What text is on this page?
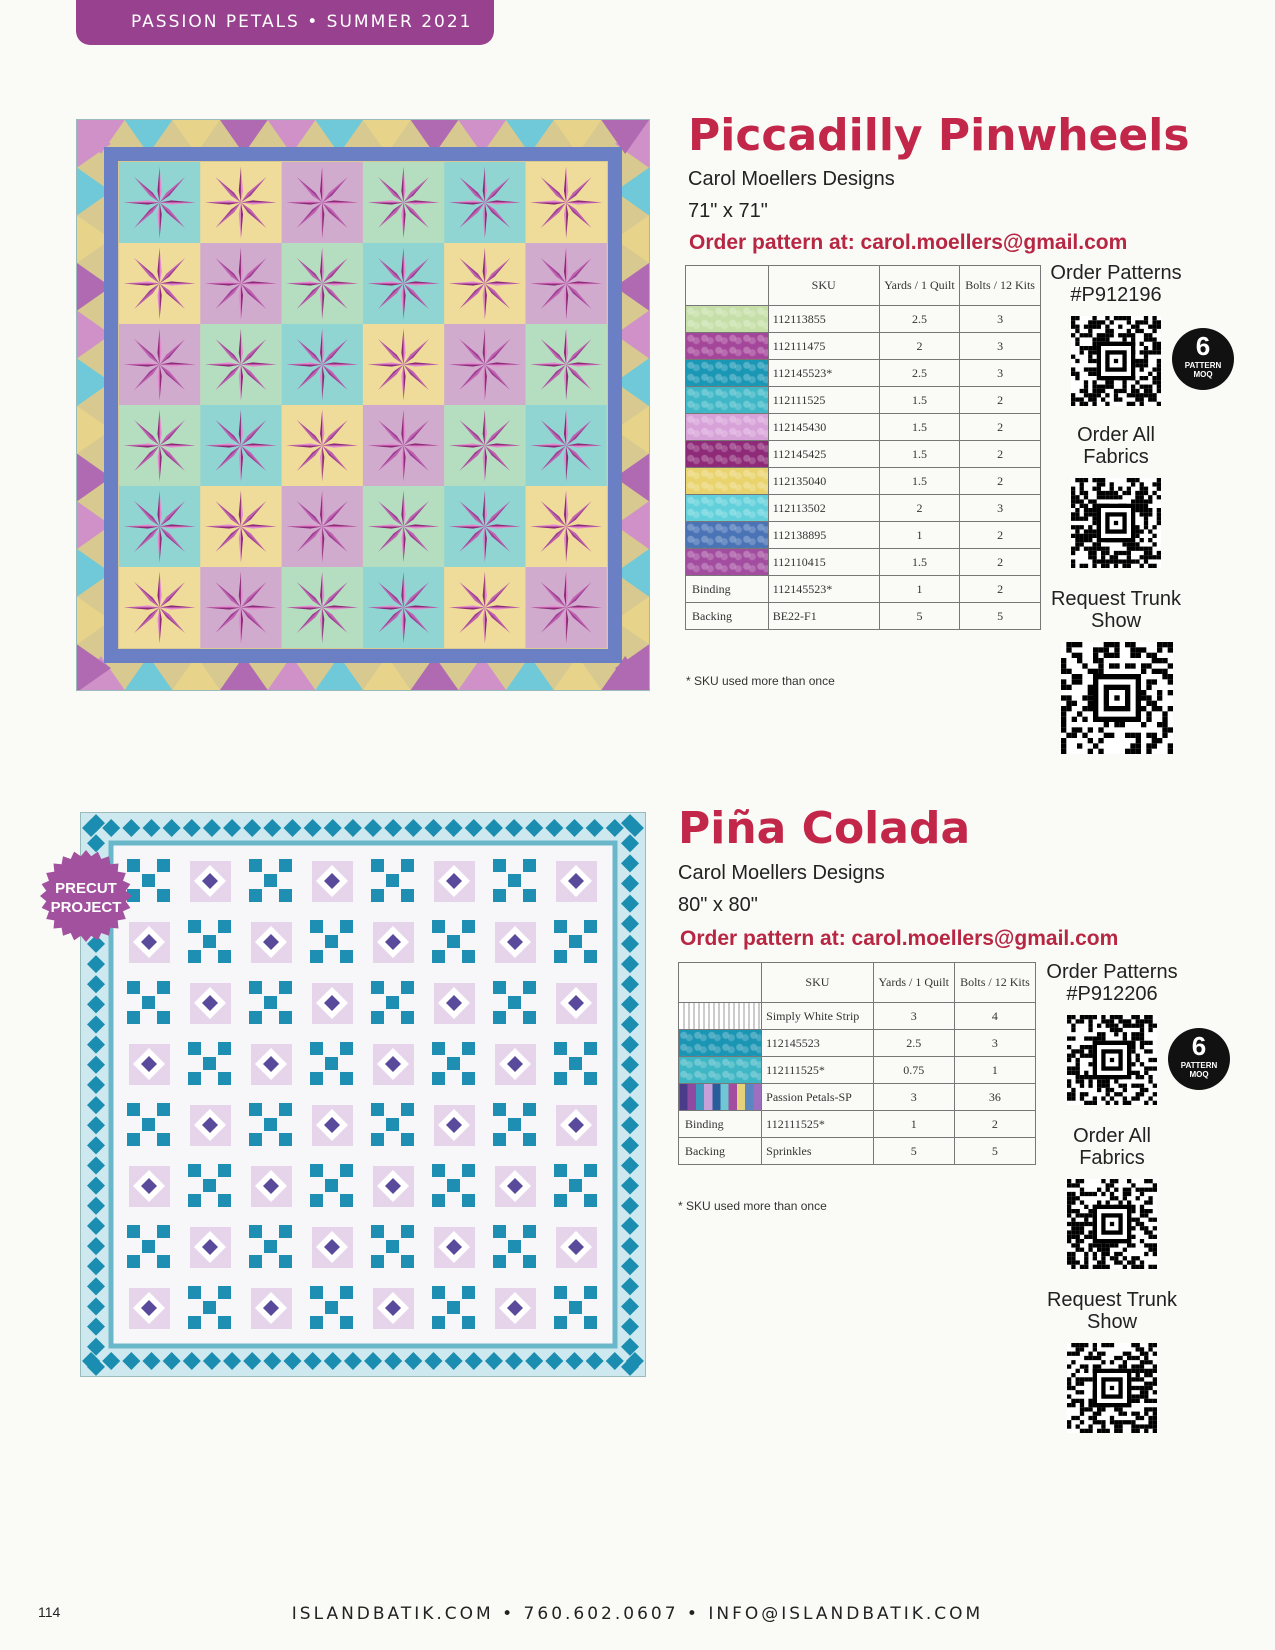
PASSION PETALS • SUMMER 2021
Piccadilly Pinwheels
Carol Moellers Designs
71" x 71"
Order pattern at: carol.moellers@gmail.com
	SKU	Yards / 1 Quilt	Bolts / 12 Kits
	112113855	2.5	3
	112111475	2	3
	112145523*	2.5	3
	112111525	1.5	2
	112145430	1.5	2
	112145425	1.5	2
	112135040	1.5	2
	112113502	2	3
	112138895	1	2
	112110415	1.5	2
Binding	112145523*	1	2
Backing	BE22-F1	5	5
* SKU used more than once
Order Patterns
#P912196
6
PATTERN
MOQ
Order All Fabrics
Request Trunk Show
PRECUT
PROJECT
Piña Colada
Carol Moellers Designs
80" x 80"
Order pattern at: carol.moellers@gmail.com
	SKU	Yards / 1 Quilt	Bolts / 12 Kits
	Simply White Strip	3	4
	112145523	2.5	3
	112111525*	0.75	1
	Passion Petals-SP	3	36
Binding	112111525*	1	2
Backing	Sprinkles	5	5
* SKU used more than once
Order Patterns
#P912206
6
PATTERN
MOQ
Order All Fabrics
Request Trunk Show
114	ISLANDBATIK.COM • 760.602.0607 • INFO@ISLANDBATIK.COM
